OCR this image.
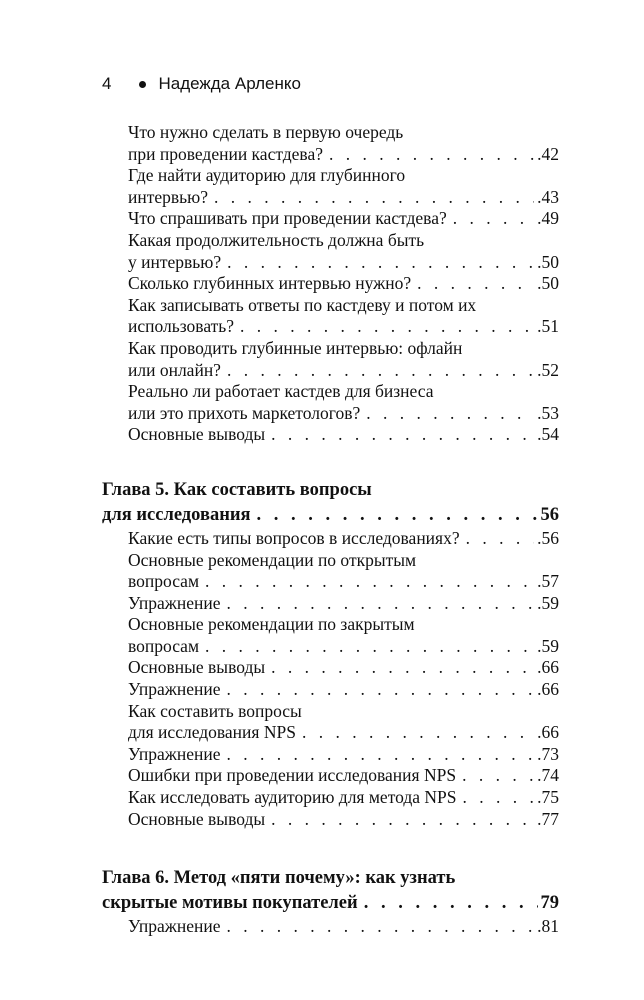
4	Надежда Арленко
Что нужно сделать в первую очередь
при проведении кастдева? . . .	.42
Где найти аудиторию для глубинного
интервью? . . .	.43
Что спрашивать при проведении кастдева? . . .	.49
Какая продолжительность должна быть
у интервью? . . .	.50
Сколько глубинных интервью нужно? . . .	.50
Как записывать ответы по кастдеву и потом их
использовать? . . .	.51
Как проводить глубинные интервью: офлайн
или онлайн? . . .	.52
Реально ли работает кастдев для бизнеса
или это прихоть маркетологов? . . .	.53
Основные выводы . . .	.54
Глава 5. Как составить вопросы
для исследования . . .	56
Какие есть типы вопросов в исследованиях? . . .	.56
Основные рекомендации по открытым
вопросам . . .	.57
Упражнение . . .	.59
Основные рекомендации по закрытым
вопросам . . .	.59
Основные выводы . . .	.66
Упражнение . . .	.66
Как составить вопросы
для исследования NPS . . .	.66
Упражнение . . .	.73
Ошибки при проведении исследования NPS . . .	.74
Как исследовать аудиторию для метода NPS . . .	.75
Основные выводы . . .	.77
Глава 6. Метод «пяти почему»: как узнать
скрытые мотивы покупателей . . .	79
Упражнение . . .	.81
